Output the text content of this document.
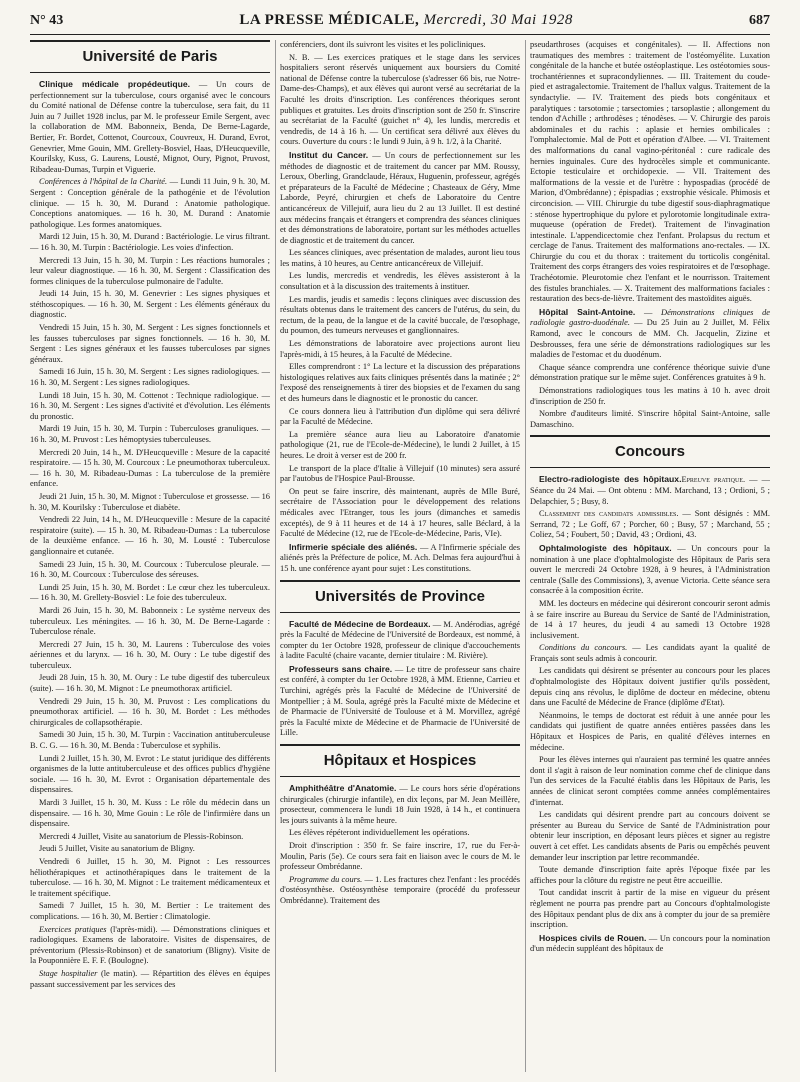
N° 43	LA PRESSE MÉDICALE, Mercredi, 30 Mai 1928	687
Université de Paris

Clinique médicale propédeutique. — Un cours de perfectionnement sur la tuberculose, cours organisé avec le concours du Comité national de Défense contre la tuberculose, sera fait, du 11 Juin au 7 Juillet 1928 inclus, par M. le professeur Emile Sergent, avec la collaboration de MM. Babonneix, Benda, De Berne-Lagarde, Bertier, Fr. Bordet, Cottenot, Courcoux, Couvreux, H. Durand, Evrot, Genevrier, Mme Gouin, MM. Grellety-Bosviel, Haas, D'Heucqueville, Kourilsky, Kuss, G. Laurens, Lousté, Mignot, Oury, Pignot, Pruvost, Ribadeau-Dumas, Turpin et Viguerie.

Conférences à l'hôpital de la Charité. — Lundi 11 Juin, 9 h. 30, M. Sergent : Conception générale de la pathogénie et de l'évolution clinique. — 15 h. 30, M. Durand : Anatomie pathologique. Conceptions anatomiques. — 16 h. 30, M. Durand : Anatomie pathologique. Les formes anatomiques.

Mardi 12 Juin, 15 h. 30, M. Durand : Bactériologie. Le virus filtrant. — 16 h. 30, M. Turpin : Bactériologie. Les voies d'infection.

Mercredi 13 Juin, 15 h. 30, M. Turpin : Les réactions humorales ; leur valeur diagnostique. — 16 h. 30, M. Sergent : Classification des formes cliniques de la tuberculose pulmonaire de l'adulte.

Jeudi 14 Juin, 15 h. 30, M. Genevrier : Les signes physiques et stéthoscopiques. — 16 h. 30, M. Sergent : Les éléments généraux du diagnostic.

Vendredi 15 Juin, 15 h. 30, M. Sergent : Les signes fonctionnels et les fausses tuberculoses par signes fonctionnels. — 16 h. 30, M. Sergent : Les signes généraux et les fausses tuberculoses par signes généraux.

Samedi 16 Juin, 15 h. 30, M. Sergent : Les signes radiologiques. — 16 h. 30, M. Sergent : Les signes radiologiques.

Lundi 18 Juin, 15 h. 30, M. Cottenot : Technique radiologique. — 16 h. 30, M. Sergent : Les signes d'activité et d'évolution. Les éléments du pronostic.

Mardi 19 Juin, 15 h. 30, M. Turpin : Tuberculoses granuliques. — 16 h. 30, M. Pruvost : Les hémoptysies tuberculeuses.

Mercredi 20 Juin, 14 h., M. D'Heucqueville : Mesure de la capacité respiratoire. — 15 h. 30, M. Courcoux : Le pneumothorax tuberculeux. — 16 h. 30, M. Ribadeau-Dumas : La tuberculose de la première enfance.

Jeudi 21 Juin, 15 h. 30, M. Mignot : Tuberculose et grossesse. — 16 h. 30, M. Kourilsky : Tuberculose et diabète.

Vendredi 22 Juin, 14 h., M. D'Heucqueville : Mesure de la capacité respiratoire (suite). — 15 h. 30, M. Ribadeau-Dumas : La tuberculose de la deuxième enfance. — 16 h. 30, M. Lousté : Tuberculose ganglionnaire et cutanée.

Samedi 23 Juin, 15 h. 30, M. Courcoux : Tuberculose pleurale. — 16 h. 30, M. Courcoux : Tuberculose des séreuses.

Lundi 25 Juin, 15 h. 30, M. Bordet : Le cœur chez les tuberculeux. — 16 h. 30, M. Grellety-Bosviel : Le foie des tuberculeux.

Mardi 26 Juin, 15 h. 30, M. Babonneix : Le système nerveux des tuberculeux. Les méningites. — 16 h. 30, M. De Berne-Lagarde : Tuberculose rénale.

Mercredi 27 Juin, 15 h. 30, M. Laurens : Tuberculose des voies aériennes et du larynx. — 16 h. 30, M. Oury : Le tube digestif des tuberculeux.

Jeudi 28 Juin, 15 h. 30, M. Oury : Le tube digestif des tuberculeux (suite). — 16 h. 30, M. Mignot : Le pneumothorax artificiel.

Vendredi 29 Juin, 15 h. 30, M. Pruvost : Les complications du pneumothorax artificiel. — 16 h. 30, M. Bordet : Les méthodes chirurgicales de collapsothérapie.

Samedi 30 Juin, 15 h. 30, M. Turpin : Vaccination antituberculeuse B. C. G. — 16 h. 30, M. Benda : Tuberculose et syphilis.

Lundi 2 Juillet, 15 h. 30, M. Evrot : Le statut juridique des différents organismes de la lutte antituberculeuse et des offices publics d'hygiène sociale. — 16 h. 30, M. Evrot : Organisation départementale des dispensaires.

Mardi 3 Juillet, 15 h. 30, M. Kuss : Le rôle du médecin dans un dispensaire. — 16 h. 30, Mme Gouin : Le rôle de l'infirmière dans un dispensaire.

Mercredi 4 Juillet, Visite au sanatorium de Plessis-Robinson.

Jeudi 5 Juillet, Visite au sanatorium de Bligny.

Vendredi 6 Juillet, 15 h. 30, M. Pignot : Les ressources héliothérapiques et actinothérapiques dans le traitement de la tuberculose. — 16 h. 30, M. Mignot : Le traitement médicamenteux et le traitement spécifique.

Samedi 7 Juillet, 15 h. 30, M. Bertier : Le traitement des complications. — 16 h. 30, M. Bertier : Climatologie.

Exercices pratiques (l'après-midi). — Démonstrations cliniques et radiologiques. Examens de laboratoire. Visites de dispensaires, de préventorium (Plessis-Robinson) et de sanatorium (Bligny). Visite de la Pouponnière E. F. F. (Boulogne).

Stage hospitalier (le matin). — Répartition des élèves en équipes passant successivement par les services des

conférenciers, dont ils suivront les visites et les policliniques.

N. B. — Les exercices pratiques et le stage dans les services hospitaliers seront réservés uniquement aux boursiers du Comité national de Défense contre la tuberculose (s'adresser 66 bis, rue Notre-Dame-des-Champs), et aux élèves qui auront versé au secrétariat de la Faculté les droits d'inscription. Les conférences théoriques seront publiques et gratuites. Les droits d'inscription sont de 250 fr. S'inscrire au secrétariat de la Faculté (guichet n° 4), les lundis, mercredis et vendredis, de 14 à 16 h. — Un certificat sera délivré aux élèves du cours. Ouverture du cours : le lundi 9 Juin, à 9 h. 1/2, à la Charité.

Institut du Cancer. — Un cours de perfectionnement sur les méthodes de diagnostic et de traitement du cancer par MM. Roussy, Leroux, Oberling, Grandclaude, Héraux, Huguenin, professeur, agrégés et préparateurs de la Faculté de Médecine ; Chasteaux de Géry, Mme Laborde, Peyré, chirurgien et chefs de Laboratoire du Centre anticancéreux de Villejuif, aura lieu du 2 au 13 Juillet. Il est destiné aux médecins français et étrangers et comprendra des séances cliniques et des démonstrations de laboratoire, portant sur les méthodes actuelles de diagnostic et de traitement du cancer.

Les séances cliniques, avec présentation de malades, auront lieu tous les matins, à 10 heures, au Centre anticancéreux de Villejuif.

Les lundis, mercredis et vendredis, les élèves assisteront à la consultation et à la discussion des traitements à instituer.

Les mardis, jeudis et samedis : leçons cliniques avec discussion des résultats obtenus dans le traitement des cancers de l'utérus, du sein, du rectum, de la peau, de la langue et de la cavité buccale, de l'œsophage, du poumon, des tumeurs nerveuses et ganglionnaires.

Les démonstrations de laboratoire avec projections auront lieu l'après-midi, à 15 heures, à la Faculté de Médecine.

Elles comprendront : 1° La lecture et la discussion des préparations histologiques relatives aux faits cliniques présentés dans la matinée ; 2° l'exposé des renseignements à tirer des biopsies et de l'examen du sang et des humeurs dans le diagnostic et le pronostic du cancer.

Ce cours donnera lieu à l'attribution d'un diplôme qui sera délivré par la Faculté de Médecine.

La première séance aura lieu au Laboratoire d'anatomie pathologique (21, rue de l'Ecole-de-Médecine), le lundi 2 Juillet, à 15 heures. Le droit à verser est de 200 fr.

Le transport de la place d'Italie à Villejuif (10 minutes) sera assuré par l'autobus de l'Hospice Paul-Brousse.

On peut se faire inscrire, dès maintenant, auprès de Mlle Buré, secrétaire de l'Association pour le développement des relations médicales avec l'Etranger, tous les jours (dimanches et samedis exceptés), de 9 à 11 heures et de 14 à 17 heures, salle Béclard, à la Faculté de Médecine (12, rue de l'Ecole-de-Médecine, Paris, VIe).

Infirmerie spéciale des aliénés. — A l'Infirmerie spéciale des aliénés près la Préfecture de police, M. Ach. Delmas fera aujourd'hui à 15 h. une conférence ayant pour sujet : Les constitutions.

Universités de Province

Faculté de Médecine de Bordeaux. — M. Andérodias, agrégé près la Faculté de Médecine de l'Université de Bordeaux, est nommé, à compter du 1er Octobre 1928, professeur de clinique d'accouchements à ladite Faculté (chaire vacante, dernier titulaire : M. Rivière).

Professeurs sans chaire. — Le titre de professeur sans chaire est conféré, à compter du 1er Octobre 1928, à MM. Etienne, Carrieu et Turchini, agrégés près la Faculté de Médecine de l'Université de Montpellier ; à M. Soula, agrégé près la Faculté mixte de Médecine et de Pharmacie de l'Université de Toulouse et à M. Morvillez, agrégé près la Faculté mixte de Médecine et de Pharmacie de l'Université de Lille.

Hôpitaux et Hospices

Amphithéâtre d'Anatomie. — Le cours hors série d'opérations chirurgicales (chirurgie infantile), en dix leçons, par M. Jean Meillère, prosecteur, commencera le lundi 18 Juin 1928, à 14 h., et continuera les jours suivants à la même heure.

Les élèves répéteront individuellement les opérations.

Droit d'inscription : 350 fr. Se faire inscrire, 17, rue du Fer-à-Moulin, Paris (5e). Ce cours sera fait en liaison avec le cours de M. le professeur Ombrédanne.

Programme du cours. — 1. Les fractures chez l'enfant : les procédés d'ostéosynthèse. Ostéosynthèse temporaire (procédé du professeur Ombrédanne). Traitement des

pseudarthroses (acquises et congénitales). — II. Affections non traumatiques des membres : traitement de l'ostéomyélite. Luxation congénitale de la hanche et butée ostéoplastique. Les ostéotomies sous-trochantériennes et supracondyliennes. — III. Traitement du coude-pied et astragalectomie. Traitement de l'hallux valgus. Traitement de la syndactylie. — IV. Traitement des pieds bots congénitaux et paralytiques : tarsotomie ; tarsectomies ; tarsoplastie ; allongement du tendon d'Achille ; arthrodèses ; ténodèses. — V. Chirurgie des parois abdominales et du rachis : aplasie et hernies ombilicales : l'omphalectomie. Mal de Pott et opération d'Albee. — VI. Traitement des malformations du canal vagino-péritonéal : cure radicale des hernies inguinales. Cure des hydrocèles simple et communicante. Ectopie testiculaire et orchidopexie. — VII. Traitement des malformations de la vessie et de l'urètre : hypospadias (procédé de Marion, d'Ombrédanne) ; épispadias ; exstrophie vésicale. Phimosis et circoncision. — VIII. Chirurgie du tube digestif sous-diaphragmatique : sténose hypertrophique du pylore et pylorotomie longitudinale extra-muqueuse (opération de Fredet). Traitement de l'invagination intestinale. L'appendicectomie chez l'enfant. Prolapsus du rectum et cerclage de l'anus. Traitement des malformations ano-rectales. — IX. Chirurgie du cou et du thorax : traitement du torticolis congénital. Traitement des corps étrangers des voies respiratoires et de l'œsophage. Trachéotomie. Pleurotomie chez l'enfant et le nourrisson. Traitement des fistules branchiales. — X. Traitement des malformations faciales : restauration des becs-de-lièvre. Traitement des mastoïdites aiguës.

Hôpital Saint-Antoine. — Démonstrations cliniques de radiologie gastro-duodénale. — Du 25 Juin au 2 Juillet, M. Félix Ramond, avec le concours de MM. Ch. Jacquelin, Zizine et Desbrousses, fera une série de démonstrations radiologiques sur les maladies de l'estomac et du duodénum.

Chaque séance comprendra une conférence théorique suivie d'une démonstration pratique sur le même sujet. Conférences gratuites à 9 h.

Démonstrations radiologiques tous les matins à 10 h. avec droit d'inscription de 250 fr.

Nombre d'auditeurs limité. S'inscrire hôpital Saint-Antoine, salle Damaschino.

Concours

Electro-radiologiste des hôpitaux.Epreuve pratique. — — Séance du 24 Mai. — Ont obtenu : MM. Marchand, 13 ; Ordioni, 5 ; Delapchier, 5 ; Busy, 8.

Classement des candidats admissibles. — Sont désignés : MM. Serrand, 72 ; Le Goff, 67 ; Porcher, 60 ; Busy, 57 ; Marchand, 55 ; Coliez, 54 ; Foubert, 50 ; David, 43 ; Ordioni, 43.

Ophtalmologiste des hôpitaux. — Un concours pour la nomination à une place d'ophtalmologiste des Hôpitaux de Paris sera ouvert le mercredi 24 Octobre 1928, à 9 heures, à l'Administration centrale (Salle des Commissions), 3, avenue Victoria. Cette séance sera consacrée à la composition écrite.

MM. les docteurs en médecine qui désireront concourir seront admis à se faire inscrire au Bureau du Service de Santé de l'Administration, de 14 à 17 heures, du jeudi 4 au samedi 13 Octobre 1928 inclusivement.

Conditions du concours. — Les candidats ayant la qualité de Français sont seuls admis à concourir.

Les candidats qui désirent se présenter au concours pour les places d'ophtalmologiste des Hôpitaux doivent justifier qu'ils possèdent, depuis cinq ans révolus, le diplôme de docteur en médecine, obtenu dans une Faculté de Médecine de France (diplôme d'Etat).

Néanmoins, le temps de doctorat est réduit à une année pour les candidats qui justifient de quatre années entières passées dans les Hôpitaux et Hospices de Paris, en qualité d'élèves internes en médecine.

Pour les élèves internes qui n'auraient pas terminé les quatre années dont il s'agit à raison de leur nomination comme chef de clinique dans l'un des services de la Faculté établis dans les Hôpitaux de Paris, les années de clinicat seront comptées comme années complémentaires d'internat.

Les candidats qui désirent prendre part au concours doivent se présenter au Bureau du Service de Santé de l'Administration pour obtenir leur inscription, en déposant leurs pièces et signer au registre ouvert à cet effet. Les candidats absents de Paris ou empêchés peuvent demander leur inscription par lettre recommandée.

Toute demande d'inscription faite après l'époque fixée par les affiches pour la clôture du registre ne peut être accueillie.

Tout candidat inscrit à partir de la mise en vigueur du présent règlement ne pourra pas prendre part au Concours d'ophtalmologiste des Hôpitaux pendant plus de dix ans à compter du jour de sa première inscription.

Hospices civils de Rouen. — Un concours pour la nomination d'un médecin suppléant des hôpitaux de
